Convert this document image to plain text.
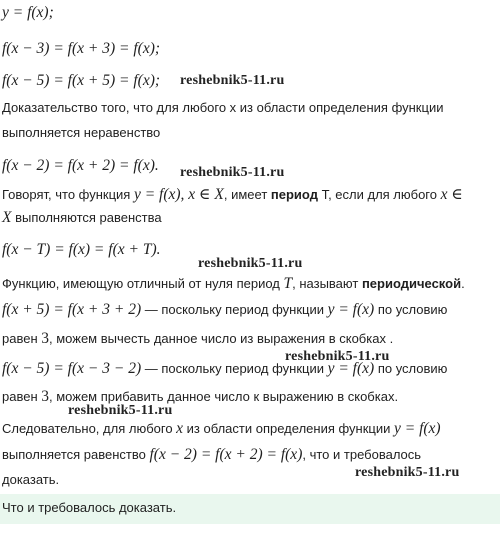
y = f(x);
f(x − 3) = f(x + 3) = f(x);
f(x − 5) = f(x + 5) = f(x);	reshebnik5-11.ru
Доказательство того, что для любого x из области определения функции
выполняется неравенство
f(x − 2) = f(x + 2) = f(x).	reshebnik5-11.ru
Говорят, что функция y = f(x), x ∈ X, имеет период T, если для любого x ∈
X выполняются равенства
f(x − T) = f(x) = f(x + T).
reshebnik5-11.ru
Функцию, имеющую отличный от нуля период T, называют периодической.
f(x + 5) = f(x + 3 + 2) — поскольку период функции y = f(x) по условию
равен 3, можем вычесть данное число из выражения в скобках .
reshebnik5-11.ru
f(x − 5) = f(x − 3 − 2) — поскольку период функции y = f(x) по условию
равен 3, можем прибавить данное число к выражению в скобках.
reshebnik5-11.ru
Следовательно, для любого x из области определения функции y = f(x)
выполняется равенство f(x − 2) = f(x + 2) = f(x), что и требовалось
доказать.	reshebnik5-11.ru
Что и требовалось доказать.
